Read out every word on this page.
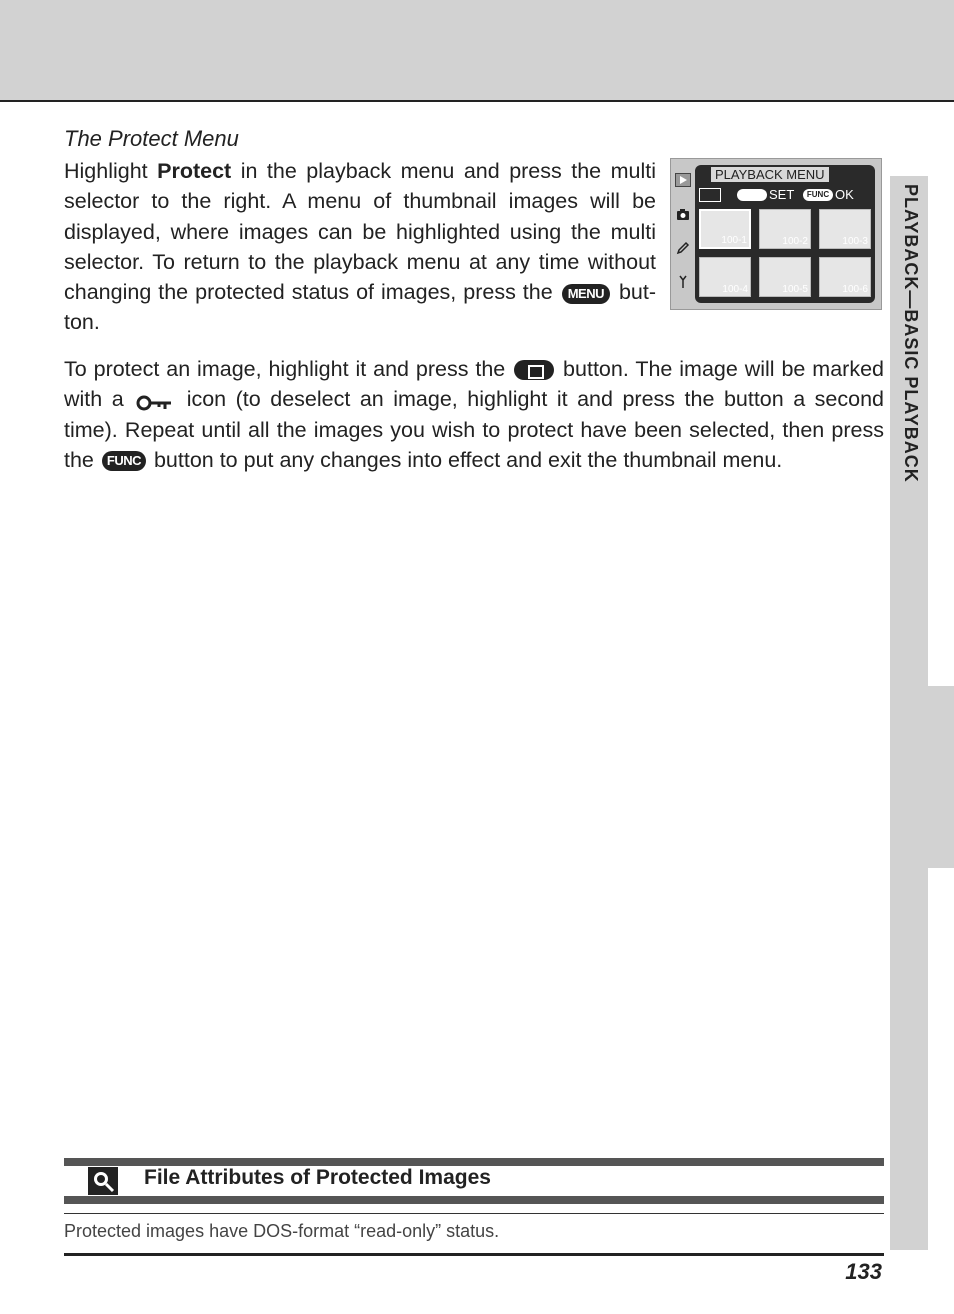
PLAYBACK—BASIC PLAYBACK
The Protect Menu
Highlight Protect in the playback menu and press the multi selector to the right. A menu of thumbnail images will be displayed, where images can be highlighted using the multi selector. To return to the playback menu at any time without changing the protected status of images, press the MENU but-ton.
PLAYBACK MENU
SET	FUNC OK
100-1	100-2	100-3
100-4	100-5	100-6
To protect an image, highlight it and press the  button. The image will be marked with a  icon (to deselect an image, highlight it and press the button a second time). Repeat until all the images you wish to protect have been selected, then press the FUNC button to put any changes into effect and exit the thumbnail menu.
File Attributes of Protected Images
Protected images have DOS-format “read-only” status.
133
